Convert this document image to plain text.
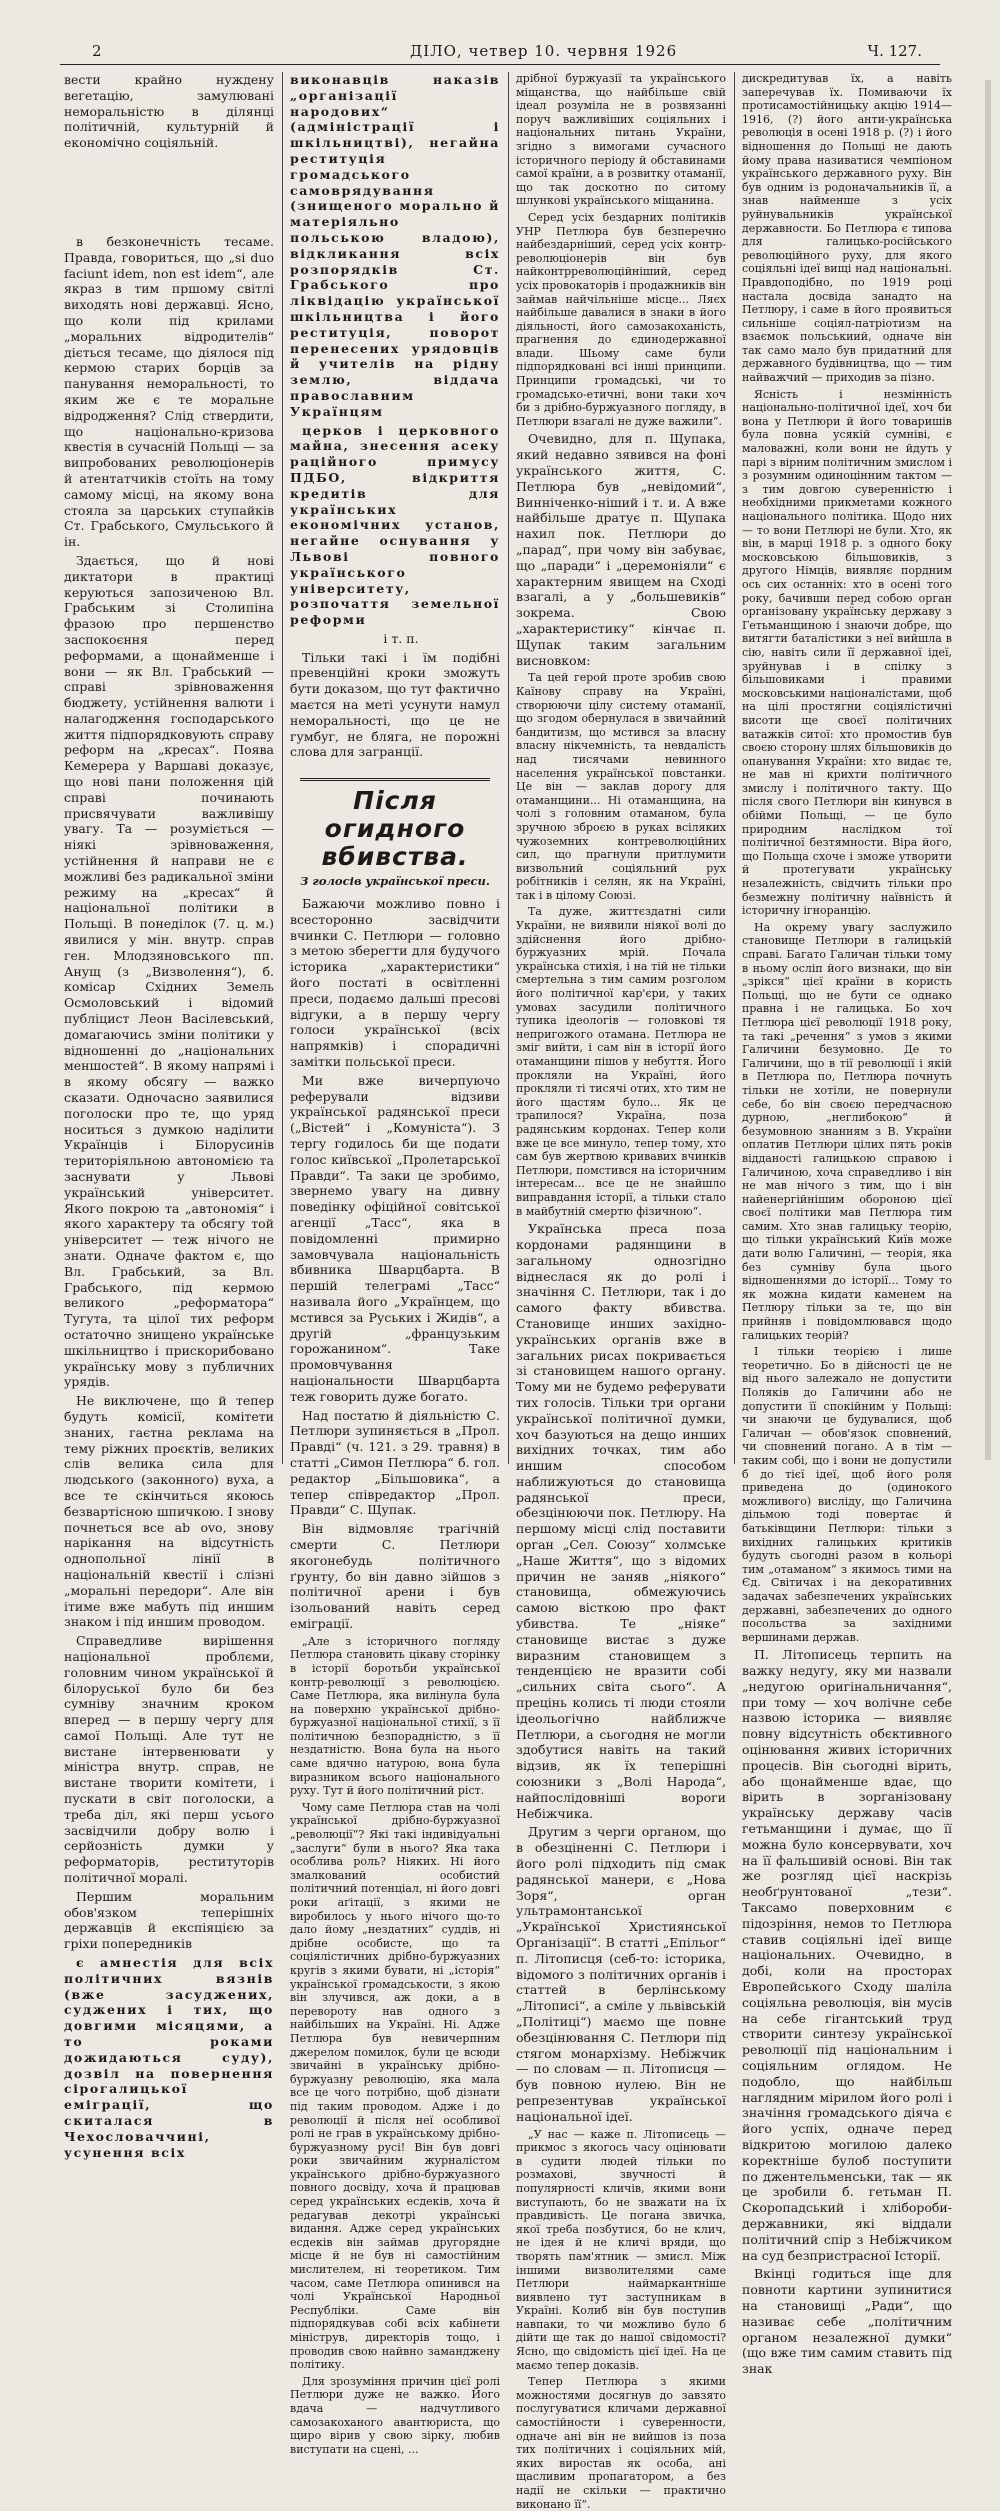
2	ДІЛО, четвер 10. червня 1926	Ч. 127.

вести крайно нуждену вегетацію, замулювані неморальністю в ділянці політичній, культурній й економічно соціяльній.

в безконечність тесаме. Правда, говориться, що „si duo faciunt idem, non est idem“, але якраз в тим пршому світлі виходять нові державці. Ясно, що коли під крилами „моральних відродителів“ діється тесаме, що діялося під кермою старих борців за панування неморальності, то яким же є те моральне відродження? Слід ствердити, що національно-кризова квестія в сучасній Польщі — за випробованих революціонерів й атентатчиків стоїть на тому самому місці, на якому вона стояла за царських ступайків Ст. Грабського, Смульського й ін.

Здається, що й нові диктатори в практиці керуються запозиченою Вл. Грабським зі Столипіна фразою про першенство заспокоєння перед реформами, а щонайменше і вони — як Вл. Грабський — справі зрівноваження бюджету, устійнення валюти і налагодження господарського життя підпорядковують справу реформ на „кресах“. Поява Кемерера у Варшаві доказує, що нові пани положення цій справі починають присвячувати важливішу увагу. Та — розуміється — ніякі зрівноваження, устійнення й направи не є можливі без радикальної зміни режиму на „кресах“ й національної політики в Польщі. В понеділок (7. ц. м.) явилися у мін. внутр. справ ген. Млодзяновського пп. Анущ (з „Визволення“), б. комісар Східних Земель Осмоловський і відомий публіцист Леон Васілевський, домагаючись зміни політики у відношенні до „національних меншостей“. В якому напрямі і в якому обсягу — важко сказати. Одночасно заявилися поголоски про те, що уряд носиться з думкою наділити Українців і Білорусинів територіяльною автономією та заснувати у Львові український університет. Якого покрою та „автономія“ і якого характеру та обсягу той університет — теж нічого не знати. Одначе фактом є, що Вл. Грабський, за Вл. Грабського, під кермою великого „реформатора“ Тугута, та цілої тих реформ остаточно знищено українське шкільництво і прискорибовано українську мову з публичних урядів.

Не виключене, що й тепер будуть комісії, комітети знаних, гаєтна реклама на тему ріжних проєктів, великих слів велика сила для людського (законного) вуха, а все те скінчиться якоюсь безвартісною шпичкою. І знову почнеться все ab ovo, знову нарікання на відсутність однопольної лінії в національній квестії і слізні „моральні передори“. Але він ітиме вже мабуть під иншим знаком і під иншим проводом.

Справедливе вирішення національної проблєми, головним чином української й білоруської було би без сумніву значним кроком вперед — в першу чергу для самої Польщі. Але тут не вистане інтервенювати у міністра внутр. справ, не вистане творити комітети, і пускати в світ поголоски, а треба діл, які перш усього засвідчили добру волю і серйозність думки у реформаторів, реституторів політичної моралі.

Першим моральним обов'язком теперішніх державців й експіяцією за гріхи попередників

є амнестія для всіх політичних вязнів (вже засуджених, суджених і тих, що довгими місяцями, а то роками дожидаються суду), дозвіл на повернення сірогалицької еміграції, що скиталася в Чехословаччині, усунення всіх

виконавців наказів „організації народових“ (адміністрації і шкільництві), негайна реституція громадського самоврядування (знищеного морально й матеріяльно польською владою), відкликання всіх розпорядків Ст. Грабського про ліквідацію української шкільництва і його реституція, поворот перенесених урядовців й учителів на рідну землю, віддача православним Українцям

церков і церковного майна, знесення асеку раційного примусу ПДБО, відкриття кредитів для українських економічних установ, негайне оснування у Львові повного українського університету, розпочаття земельної реформи

і т. п.

Тільки такі і їм подібні превенційні кроки зможуть бути доказом, що тут фактично маєтся на меті усунути намул неморальності, що це не гумбуг, не бляга, не порожні слова для загранції.

Після огидного вбивства.
З голосів української преси.

Бажаючи можливо повно і всесторонно засвідчити вчинки С. Петлюри — головно з метою зберегти для будучого історика „характеристики“ його постаті в освітленні преси, подаємо дальші пресові відгуки, а в першу чергу голоси української (всіх напрямків) і спорадичні замітки польської преси.

Ми вже вичерпуючо реферували відзиви української радянської преси („Вістей“ і „Комуніста“). З тергу годилось би ще подати голос київської „Пролетарської Правди“. Та заки це зробимо, звернемо увагу на дивну поведінку офіційної совітської агенції „Тасс“, яка в повідомленні примирно замовчувала національність вбивника Шварцбарта. В першій телеграмі „Тасс“ називала його „Українцем, що мстився за Руських і Жидів“, а другій „французьким горожанином“. Таке промовчування національности Шварцбарта теж говорить дуже богато.

Над постатю й діяльністю С. Петлюри зупиняється в „Прол. Правді“ (ч. 121. з 29. травня) в статті „Симон Петлюра“ б. гол. редактор „Більшовика“, а тепер співредактор „Прол. Правди“ С. Щупак.

Він відмовляє трагічній смерти С. Петлюри якогонебудь політичного ґрунту, бо він давно зійшов з політичної арени і був ізольований навіть серед еміграції.

„Але з історичного погляду Петлюра становить цікаву сторінку в історії боротьби української контр-революції з революцією. Саме Петлюра, яка вилінула була на поверхню української дрібно-буржуазної національної стихії, з її політичною безпорадністю, з її нездатністю. Вона була на нього саме вдячно натурою, вона була виразником всього національного руху. Тут й його політичний ріст.

Чому саме Петлюра став на чолі української дрібно-буржуазної „революції“? Які такі індивідуальні „заслуги“ були в нього? Яка така особлива роль? Ніяких. Ні його змалкований особистий політичний потенціал, ні його довгі роки аґітації, з якими не виробилось у нього нічого що-то дало йому „нездатних“ суддів, ні дрібне особисте, що та соціялістичних дрібно-буржуазних кругів з якими бувати, ні „історія“ української громадськости, з якою він злучився, аж доки, а в перевороту нав одного з найбільших на Україні. Ні. Адже Петлюра був невичерпним джерелом помилок, були це всюди звичайні в українську дрібно-буржуазну революцію, яка мала все це чого потрібно, щоб дізнати під таким проводом. Адже і до революції й після неї особливої ролі не грав в українському дрібно-буржуазному русі! Він був довгі роки звичайним журналістом українського дрібно-буржуазного повного досвіду, хоча й працював серед українських есдеків, хоча й редагував декотрі українські видання. Адже серед українських есдеків він займав другорядне місце й не був ні самостійним мислителем, ні теоретиком. Тим часом, саме Петлюра опинився на чолі Української Народньої Республіки. Саме він підпорядкував собі всіх кабінети мініструв, директорів тощо, і проводив свою найвно заманджену політику.

Для зрозуміння причин цієї ролі Петлюри дуже не важко. Його вдача — надчутливого самозакоханого авантюриста, що щиро вірив у свою зірку, любив виступати на сцені, ...

дрібної буржуазії та українського міщанства, що найбільше свій ідеал розуміла не в розвязанні поруч важливіших соціяльних і національних питань України, згідно з вимогами сучасного історичного періоду й обставинами самої країни, а в розвитку отаманії, що так доскотно по ситому шлункові українського міщанина.

Серед усіх бездарних політиків УНР Петлюра був безперечно найбездарніший, серед усіх контр-революціонерів він був найконтрреволюційніший, серед усіх провокаторів і продажників він займав найчільніше місце... Ляєх найбільше давалися в знаки в його діяльності, його самозакоханість, прагнення до єдинодержавної влади. Шьому саме були підпорядковані всі інші принципи. Принципи громадські, чи то громадсько-етичні, вони таки хоч би з дрібно-буржуазного погляду, в Петлюри взагалі не дуже важили“.

Очевидно, для п. Щупака, який недавно зявився на фоні українського життя, С. Петлюра був „невідомий“, Винніченко-ніший і т. и. А вже найбільше дратує п. Щупака нахил пок. Петлюри до „парад“, при чому він забуває, що „паради“ і „церемоніяли“ є характерним явищем на Сході взагалі, а у „большевиків“ зокрема. Свою „характеристику“ кінчає п. Щупак таким загальним висновком:

Та цей герой проте зробив свою Каїнову справу на Україні, створюючи цілу систему отаманії, що згодом обернулася в звичайний бандитизм, що мстився за власну власну нікчемність, та невдалість над тисячами невинного населення української повстанки. Це він — заклав дорогу для отаманщини... Ні отаманщина, на чолі з головним отаманом, була зручною зброєю в руках всіляких чужоземних контреволюційних сил, що прагнули притлумити визвольний соціяльний рух робітників і селян, як на Україні, так і в цілому Союзі.

Та дуже, життєздатні сили України, не виявили ніякої волі до здійснення його дрібно-буржуазних мрій. Почала українська стихія, і на тій не тільки смертельна з тим самим розголом його політичної кар'єри, у таких умовах засудили політичного тупика ідеологів — головкові тя непригожого отамана. Петлюра не зміг вийти, і сам він в історії його отаманщини пішов у небуття. Його прокляли на Україні, його прокляли ті тисячі отих, хто тим не його щастям було... Як це трапилося? Україна, поза радянським кордонах. Тепер коли вже це все минуло, тепер тому, хто сам був жертвою кривавих вчинків Петлюри, помстився на історичним інтересам... все це не знайшло виправдання історії, а тільки стало в майбутній смертю фізичною“.

Українська преса поза кордонами радянщини в загальному однозгідно віднеслася як до ролі і значіння С. Петлюри, так і до самого факту вбивства. Становище инших західно-українських органів вже в загальних рисах покривається зі становищем нашого органу. Тому ми не будемо реферувати тих голосів. Тільки три органи української політичної думки, хоч базуються на дещо инших вихідних точках, тим або иншим способом наближуються до становища радянської преси, обезцінюючи пок. Петлюру. На першому місці слід поставити орган „Сел. Союзу“ холмське „Наше Життя“, що з відомих причин не заняв „ніякого“ становища, обмежуючись самою вісткою про факт убивства. Те „ніяке“ становище вистає з дуже виразним становищем з тенденцією не вразити собі „сильних світа сього“. А прецінь колись ті люди стояли ідеольогічно найближче Петлюри, а сьогодня не могли здобутися навіть на такий відзив, як їх теперішні союзники з „Волі Народа“, найпослідовніші вороги Небіжчика.

Другим з черги органом, що в обезціненні С. Петлюри і його ролі підходить під смак радянської манери, є „Нова Зоря“, орган ультрамонтанської „Української Християнської Організації“. В статті „Епільог“ п. Літописця (себ-то: історика, відомого з політичних органів і статтей в берлінському „Літописі“, а сміле у львівській „Політиці“) маємо ще повне обезцінювання С. Петлюри під стягом монархізму. Небіжчик — по словам — п. Літописця — був повною нулею. Він не репрезентував української національної ідеї.

„У нас — каже п. Літописець — прикмос з якогось часу оцінювати в судити людей тільки по розмахові, звучності й популярності кличів, якими вони виступають, бо не зважати на їх правдивість. Це погана звичка, якої треба позбутися, бо не клич, не ідея й не кличі вряди, що творять пам'ятник — змисл. Між іншими визволителями саме Петлюри наймаркантніше виявлено тут заступникам в Україні. Колиб він був поступив навпаки, то чи можливо було б дійти ще так до нашої свідомості? Ясно, що свідомість цієї ідеї. На це маємо тепер доказів.

Тепер Петлюра з якими можностями досягнув до завзято послугуватися кличами державної самостійности і суверенности, одначе ані він не вийшов із поза тих політичних і соціяльних мій, яких виростав як особа, ані щасливим пропагатором, а без надії не скільки — практично виконано її“.

дискредитував їх, а навіть заперечував їх. Помиваючи їх протисамостійницьку акцію 1914—1916, (?) його анти-українська революція в осені 1918 р. (?) і його відношення до Польщі не дають йому права називатися чемпіоном українського державного руху. Він був одним із родоначальників її, а знав найменше з усіх руйнувальників української державности. Бо Петлюра є типова для галицько-російського революційного руху, для якого соціяльні ідеї вищі над національні. Правдоподібно, по 1919 році настала досвіда занадто на Петлюру, і саме в його проявиться сильніше соціял-патріотизм на взаємок польськиий, одначе він так само мало був придатний для державного будівництва, що — тим найважчий — приходив за пізно.

Ясність і незмінність національно-політичної ідеї, хоч би вона у Петлюри й його товаришів була повна усякій сумніві, є маловажні, коли вони не йдуть у парі з вірним політичним змислом і з розумним одиноцінним тактом — з тим довгою суверенністю і необхідними прикметами кожного національного політика. Щодо них — то вони Петлюрі не були. Хто, як він, в марці 1918 р. з одного боку московською більшовиків, з другого Німців, виявляє пордним ось сих останніх: хто в осені того року, бачивши перед собою орган організовану українську державу з Гетьманщиною і знаючи добре, що витягти баталістики з неї вийшла в сію, навіть сили її державної ідеї, зруйнував і в спілку з більшовиками і правими московськими націоналістами, щоб на цілі простягни соціялістичні висоти ще своєї політичних ватажків ситої: хто промостив був своєю сторону шлях більшовиків до опанування України: хто видає те, не мав ні крихти політичного змислу і політичного такту. Що після свого Петлюри він кинувся в обійми Польщі, — це було природним наслідком тої політичної безтямности. Віра його, що Польща схоче і зможе утворити й протегувати українську незалежність, свідчить тільки про безмежну політичну наївність й історичну ігноранцію.

На окрему увагу заслужило становище Петлюри в галицькій справі. Багато Галичан тільки тому в ньому осліп його визнаки, що він „зрікся“ цієї країни в користь Польщі, що не бути се однако правна і не галицька. Бо хоч Петлюра цієї революції 1918 року, та такі „речення“ з умов з якими Галичини безумовно. Де то Галичини, що в тії революції і якій в Петлюра по, Петлюра почнуть тільки не хотіли, не повернули себе, бо він своєю передчасною дурною, „неглибокою“ й безумовною знанням з В. України оплатив Петлюри цілих пять років відданості галицькою справою і Галичиною, хоча справедливо і він не мав нічого з тим, що і він найенергійнішим обороною цієї своєї політики мав Петлюра тим самим. Хто знав галицьку теорію, що тільки український Київ може дати волю Галичині, — теорія, яка без сумніву була цього відношеннями до історії... Тому то як можна кидати каменем на Петлюру тільки за те, що він прийняв і повідомлювався щодо галицьких теорій?

І тільки теорією і лише теоретично. Бо в дійсності це не від нього залежало не допустити Поляків до Галичини або не допустити її спокійним у Польщі: чи знаючи це будувалися, щоб Галичан — обов'язок сповнений, чи сповнений погано. А в тім — таким собі, що і вони не допустили б до тієї ідеї, щоб його роля приведена до (одинокого можливого) висліду, що Галичина дільмою тоді повертає й батьківщини Петлюри: тільки з вихідних галицьких критиків будуть сьогодні разом в кольорі тим „отаманом“ з якимось тими на Єд. Світичах і на декоративних задачах забезпечених українських державні, забезпечених до одного посольства за західними вершинами держав.

П. Літописець терпить на важку недугу, яку ми назвали „недугою оригінальничання“, при тому — хоч волічне себе назвою історика — виявляє повну відсутність обєктивного оцінювання живих історичних процесів. Він сьогодні вірить, або щонайменше вдає, що вірить в зорганізовану українську державу часів гетьманщини і думає, що її можна було консервувати, хоч на її фальшивій основі. Він так же розгляд цієї наскрізь необґрунтованої „тези“. Таксамо поверховним є підозріння, немов то Петлюра ставив соціяльні ідеї вище національних. Очевидно, в добі, коли на просторах Европейського Сходу шаліла соціяльна революція, він мусів на себе гігантський труд створити синтезу української революції під національним і соціяльним оглядом. Не подобло, що найбільш наглядним мірилом його ролі і значіння громадського діяча є його успіх, одначе перед відкритою могилою далеко коректніше булоб поступити по джентельменськи, так — як це зробили б. гетьман П. Скоропадський і хлібороби-державники, які віддали політичний спір з Небіжчиком на суд безпристрасної Історії.

Вкінці годиться іще для повноти картини зупинитися на становищі „Ради“, що називає себе „політичним органом незалежної думки“ (що вже тим самим ставить під знак
